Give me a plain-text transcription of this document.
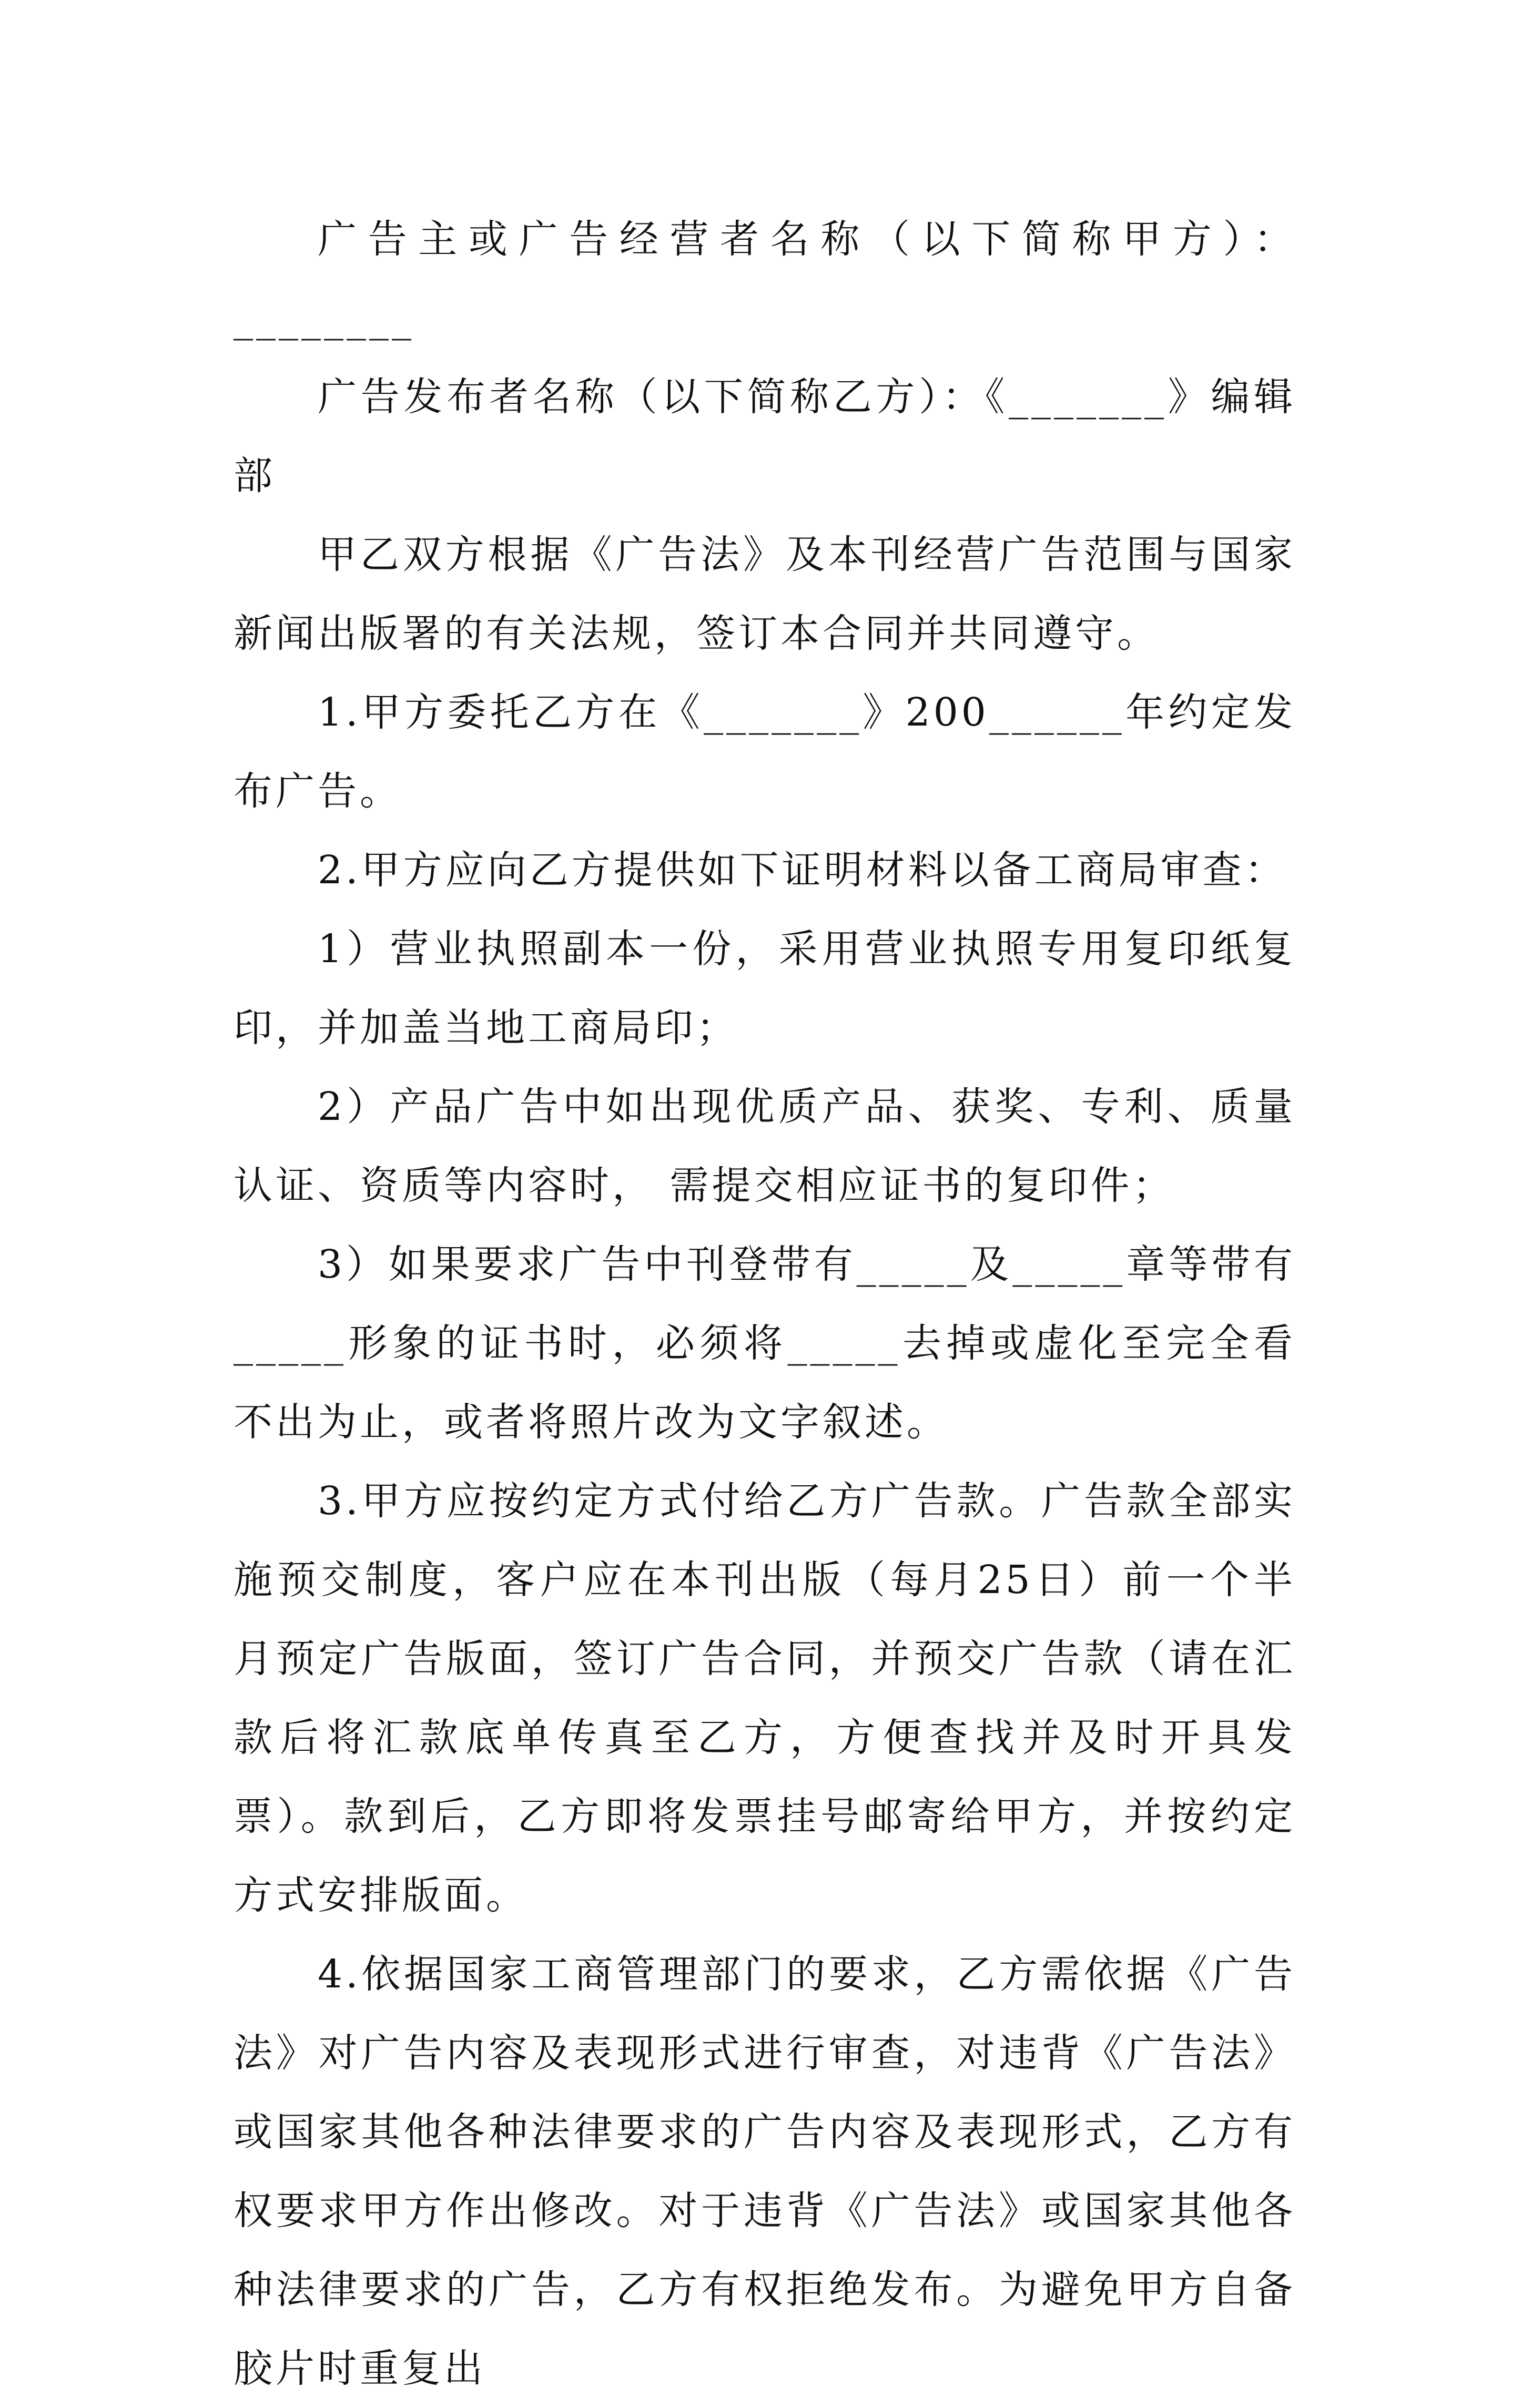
广告主或广告经营者名称（以下简称甲方）：________

广告发布者名称（以下简称乙方）：《_______》编辑部

甲乙双方根据《广告法》及本刊经营广告范围与国家新闻出版署的有关法规，签订本合同并共同遵守。

1.甲方委托乙方在《_______》200______年约定发布广告。

2.甲方应向乙方提供如下证明材料以备工商局审查：

1）营业执照副本一份，采用营业执照专用复印纸复印，并加盖当地工商局印；

2）产品广告中如出现优质产品、获奖、专利、质量认证、资质等内容时， 需提交相应证书的复印件；

3）如果要求广告中刊登带有_____及_____章等带有_____形象的证书时，必须将_____去掉或虚化至完全看不出为止，或者将照片改为文字叙述。

3.甲方应按约定方式付给乙方广告款。广告款全部实施预交制度，客户应在本刊出版（每月25日）前一个半月预定广告版面，签订广告合同，并预交广告款（请在汇款后将汇款底单传真至乙方，方便查找并及时开具发票）。款到后，乙方即将发票挂号邮寄给甲方，并按约定方式安排版面。

4.依据国家工商管理部门的要求，乙方需依据《广告法》对广告内容及表现形式进行审查，对违背《广告法》或国家其他各种法律要求的广告内容及表现形式，乙方有权要求甲方作出修改。对于违背《广告法》或国家其他各种法律要求的广告，乙方有权拒绝发布。为避免甲方自备胶片时重复出
